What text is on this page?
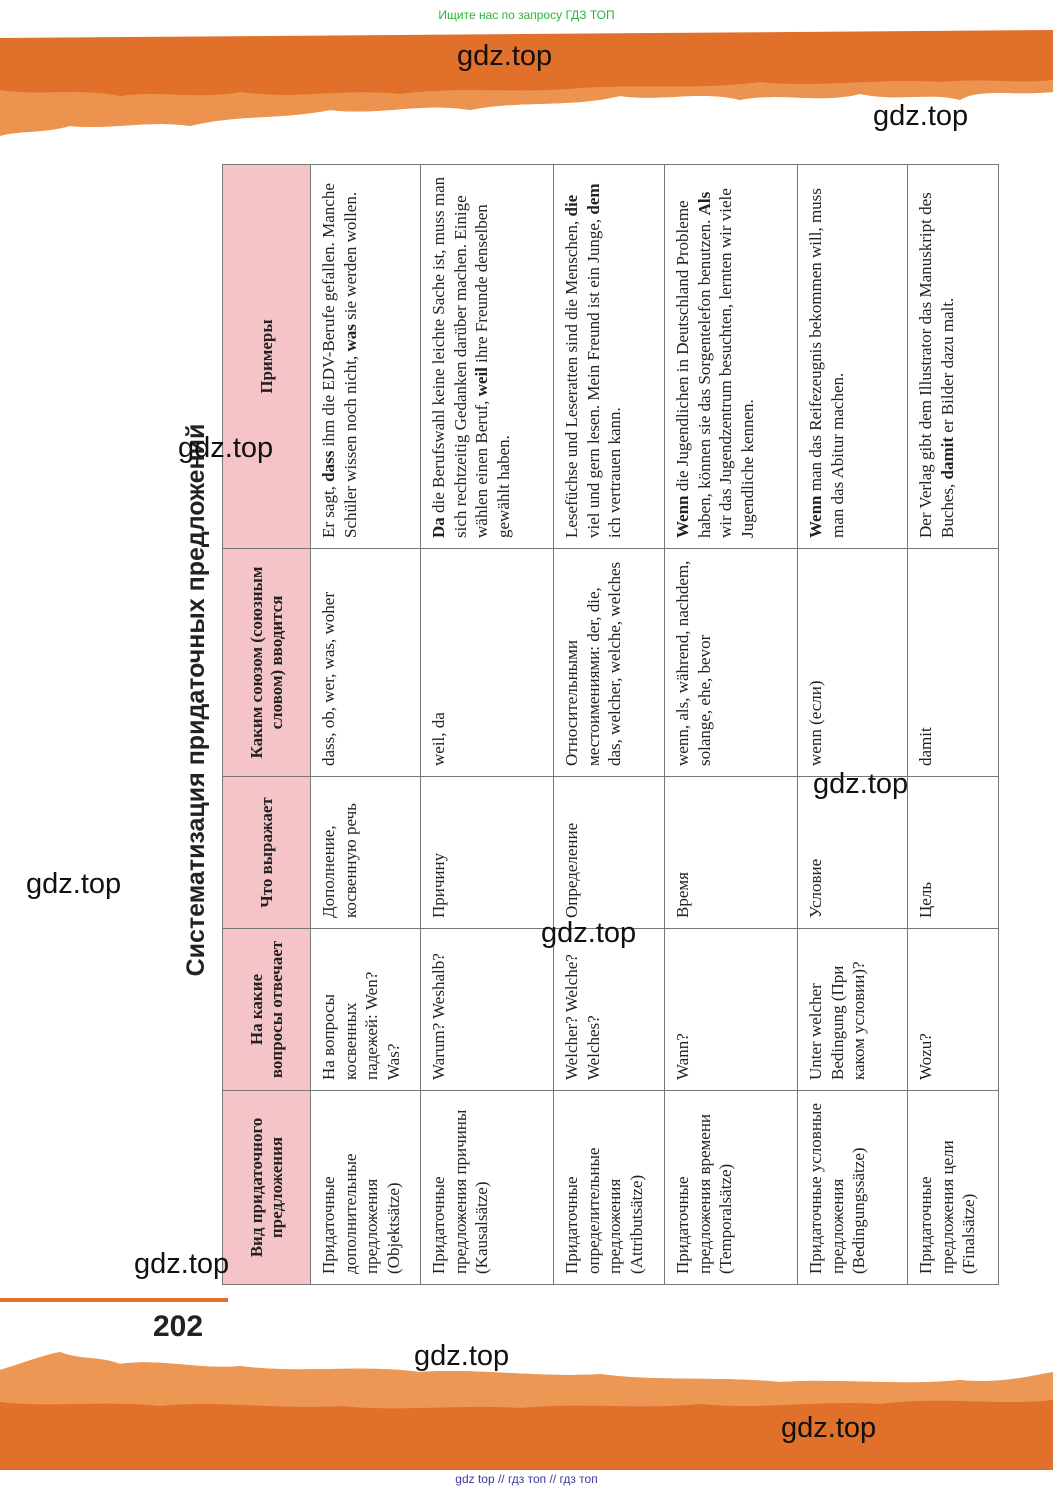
Ищите нас по запросу ГДЗ ТОП
Систематизация придаточных предложений
Вид придаточного предложения	На какие вопросы отвечает	Что выражает	Каким союзом (союзным словом) вводится	Примеры
Придаточные дополнительные предложения (Objektsätze)	На вопросы косвенных падежей: Wen? Was?	Дополнение, косвенную речь	dass, ob, wer, was, woher	Er sagt, dass ihm die EDV-Berufe gefallen. Manche Schüler wissen noch nicht, was sie werden wollen.
Придаточные предложения причины (Kausalsätze)	Warum? Weshalb?	Причину	weil, da	Da die Berufswahl keine leichte Sache ist, muss man sich rechtzeitig Gedanken darüber machen. Einige wählen einen Beruf, weil ihre Freunde denselben gewählt haben.
Придаточные определительные предложения (Attributsätze)	Welcher? Welche? Welches?	Определение	Относительными местоимениями: der, die, das, welcher, welche, welches	Lesefüchse und Leseratten sind die Menschen, die viel und gern lesen. Mein Freund ist ein Junge, dem ich vertrauen kann.
Придаточные предложения времени (Temporalsätze)	Wann?	Время	wenn, als, während, nachdem, solange, ehe, bevor	Wenn die Jugendlichen in Deutschland Probleme haben, können sie das Sorgentelefon benutzen. Als wir das Jugendzentrum besuchten, lernten wir viele Jugendliche kennen.
Придаточные условные предложения (Bedingungssätze)	Unter welcher Bedingung (При каком условии)?	Условие	wenn (если)	Wenn man das Reifezeugnis bekommen will, muss man das Abitur machen.
Придаточные предложения цели (Finalsätze)	Wozu?	Цель	damit	Der Verlag gibt dem Illustrator das Manuskript des Buches, damit er Bilder dazu malt.
202
gdz.top
gdz.top
gdz.top
gdz.top
gdz.top
gdz.top
gdz.top
gdz.top
gdz.top
gdz top // гдз топ // гдз топ
